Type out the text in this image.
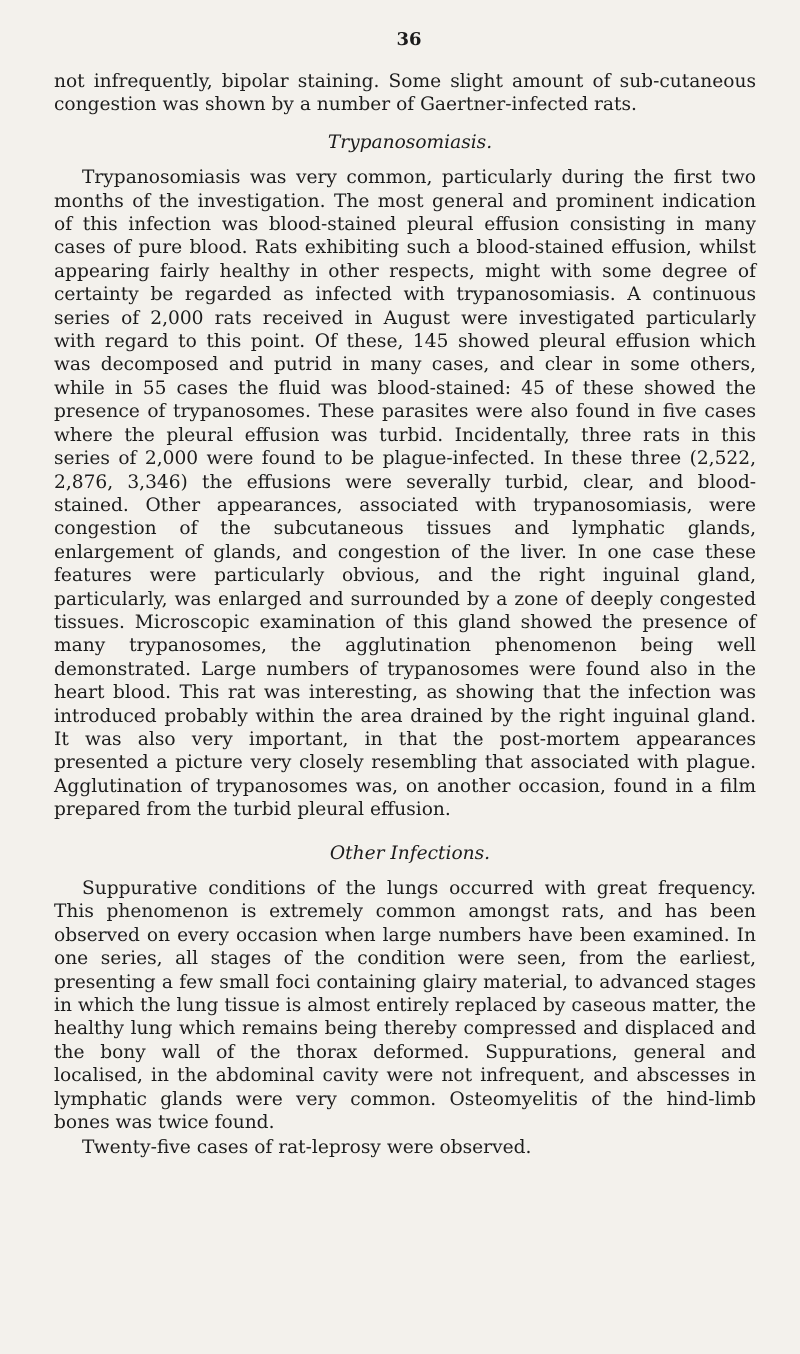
36

not infrequently, bipolar staining. Some slight amount of sub-cutaneous congestion was shown by a number of Gaertner-infected rats.

Trypanosomiasis.

Trypanosomiasis was very common, particularly during the first two months of the investigation. The most general and prominent indication of this infection was blood-stained pleural effusion consisting in many cases of pure blood. Rats exhibiting such a blood-stained effusion, whilst appearing fairly healthy in other respects, might with some degree of certainty be regarded as infected with trypanosomiasis. A continuous series of 2,000 rats received in August were investigated particularly with regard to this point. Of these, 145 showed pleural effusion which was decomposed and putrid in many cases, and clear in some others, while in 55 cases the fluid was blood-stained: 45 of these showed the presence of trypanosomes. These parasites were also found in five cases where the pleural effusion was turbid. Incidentally, three rats in this series of 2,000 were found to be plague-infected. In these three (2,522, 2,876, 3,346) the effusions were severally turbid, clear, and blood-stained. Other appearances, associated with trypanosomiasis, were congestion of the subcutaneous tissues and lymphatic glands, enlargement of glands, and congestion of the liver. In one case these features were particularly obvious, and the right inguinal gland, particularly, was enlarged and surrounded by a zone of deeply congested tissues. Microscopic examination of this gland showed the presence of many trypanosomes, the agglutination phenomenon being well demonstrated. Large numbers of trypanosomes were found also in the heart blood. This rat was interesting, as showing that the infection was introduced probably within the area drained by the right inguinal gland. It was also very important, in that the post-mortem appearances presented a picture very closely resembling that associated with plague. Agglutination of trypanosomes was, on another occasion, found in a film prepared from the turbid pleural effusion.

Other Infections.

Suppurative conditions of the lungs occurred with great frequency. This phenomenon is extremely common amongst rats, and has been observed on every occasion when large numbers have been examined. In one series, all stages of the condition were seen, from the earliest, presenting a few small foci containing glairy material, to advanced stages in which the lung tissue is almost entirely replaced by caseous matter, the healthy lung which remains being thereby compressed and displaced and the bony wall of the thorax deformed. Suppurations, general and localised, in the abdominal cavity were not infrequent, and abscesses in lymphatic glands were very common. Osteomyelitis of the hind-limb bones was twice found.

Twenty-five cases of rat-leprosy were observed.
